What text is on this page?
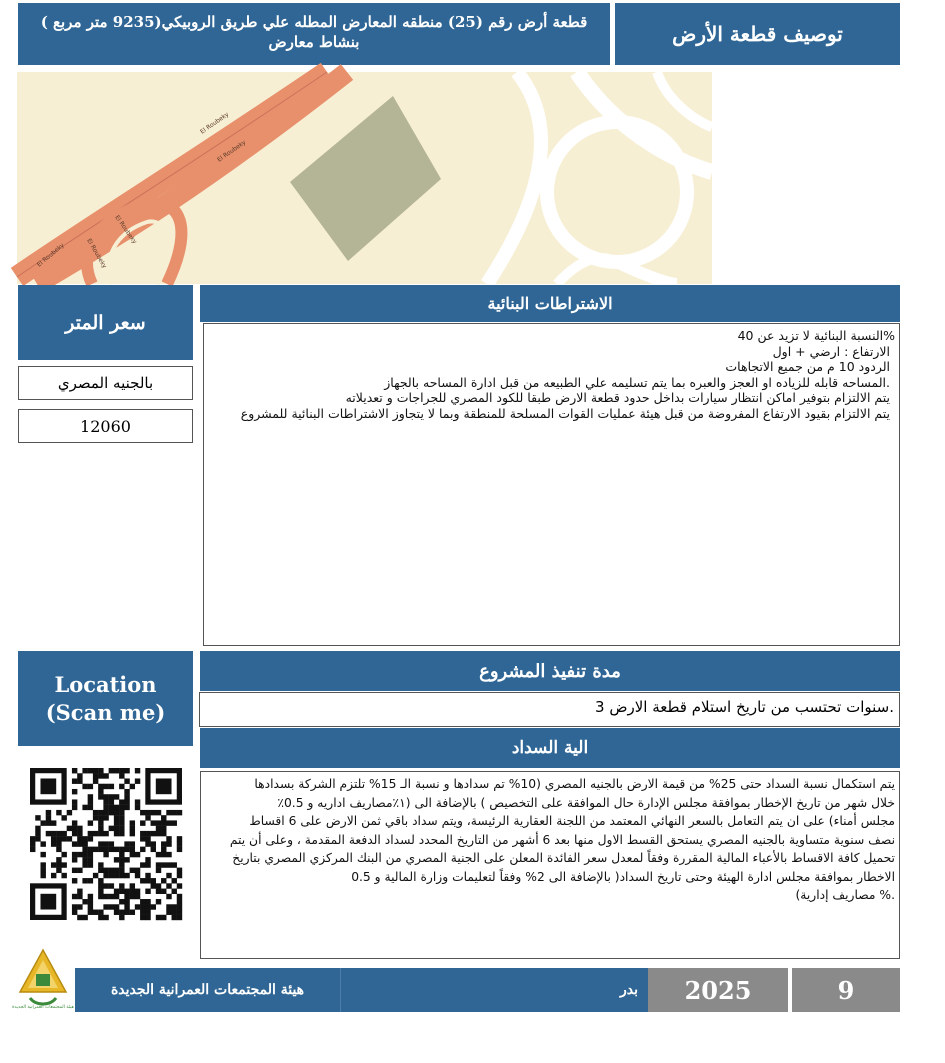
توصيف قطعة الأرض
قطعة أرض رقم (25) منطقه المعارض المطله علي طريق الروبيكي(9235 متر مربع )
بنشاط معارض
El Roubeky
El Roubeky
El Roubeky
El Roubeky
El Roubeky
سعر المتر
بالجنيه المصري
12060
الاشتراطات البنائية
%النسبة البنائية لا تزيد عن 40
الارتفاع : ارضي + اول
الردود 10 م من جميع الاتجاهات
.المساحه قابله للزياده او العجز والعبره بما يتم تسليمه علي الطبيعه من قبل ادارة المساحه بالجهاز
يتم الالتزام بتوفير اماكن انتظار سيارات بداخل حدود قطعة الارض طبقا للكود المصري للجراجات و تعديلاته
يتم الالتزام بقيود الارتفاع المفروضة من قبل هيئة عمليات القوات المسلحة للمنطقة وبما لا يتجاوز الاشتراطات البنائية للمشروع
Location
(Scan me)
مدة تنفيذ المشروع
.سنوات تحتسب من تاريخ استلام قطعة الارض 3
الية السداد
يتم استكمال نسبة السداد حتى 25% من قيمة الارض بالجنيه المصري (10% تم سدادها و نسبة الـ 15% تلتزم الشركة بسدادها
خلال شهر من تاريخ الإخطار بموافقة مجلس الإدارة حال الموافقة على التخصيص ) بالإضافة الى (١٪مصاريف اداريه و 0.5٪
مجلس أمناء) على ان يتم التعامل بالسعر النهائي المعتمد من اللجنة العقارية الرئيسة، ويتم سداد باقي ثمن الارض على 6 اقساط
نصف سنوية متساوية بالجنيه المصري يستحق القسط الاول منها بعد 6 أشهر من التاريخ المحدد لسداد الدفعة المقدمة ، وعلى أن يتم
تحميل كافة الاقساط بالأعباء المالية المقررة وفقاً لمعدل سعر الفائدة المعلن على الجنية المصري من البنك المركزي المصري بتاريخ
الاخطار بموافقة مجلس ادارة الهيئة وحتى تاريخ السداد( بالإضافة الى 2% وفقاً لتعليمات وزارة المالية و 0.5
.% مصاريف إدارية)
هيئة المجتمعات العمرانية الجديدة
هيئة المجتمعات العمرانية الجديدة	بدر 2025	9
